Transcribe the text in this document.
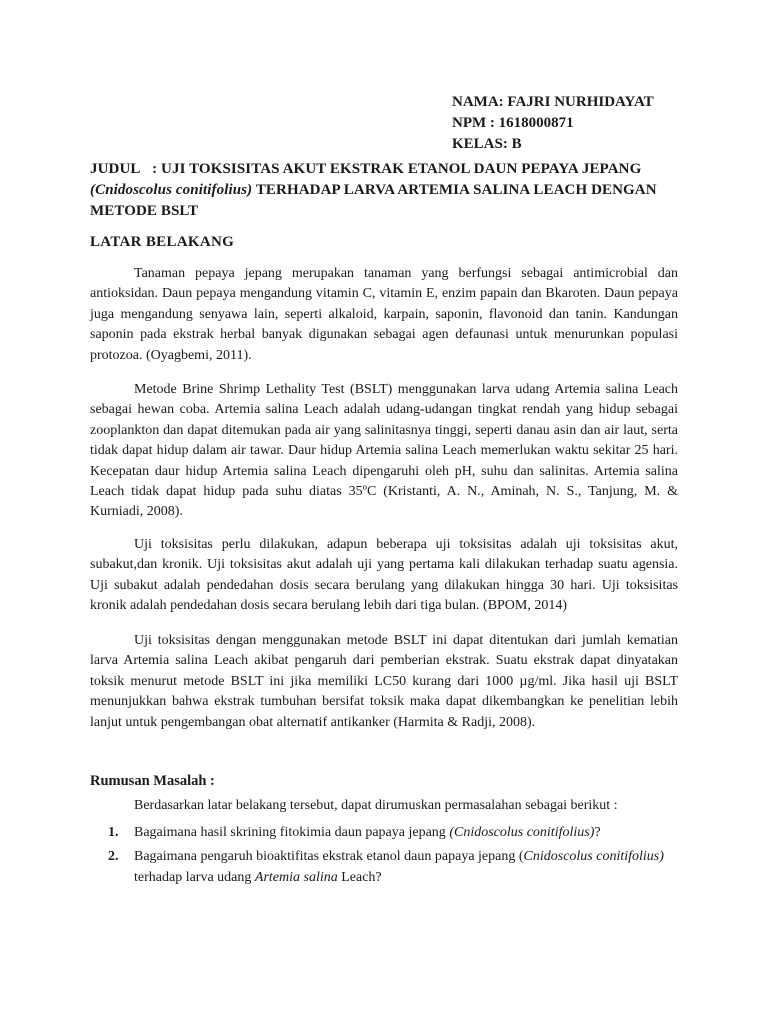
NAMA: FAJRI NURHIDAYAT
NPM : 1618000871
KELAS: B
JUDUL : UJI TOKSISITAS AKUT EKSTRAK ETANOL DAUN PEPAYA JEPANG (Cnidoscolus conitifolius) TERHADAP LARVA ARTEMIA SALINA LEACH DENGAN METODE BSLT
LATAR BELAKANG

Tanaman pepaya jepang merupakan tanaman yang berfungsi sebagai antimicrobial dan antioksidan. Daun pepaya mengandung vitamin C, vitamin E, enzim papain dan Bkaroten. Daun pepaya juga mengandung senyawa lain, seperti alkaloid, karpain, saponin, flavonoid dan tanin. Kandungan saponin pada ekstrak herbal banyak digunakan sebagai agen defaunasi untuk menurunkan populasi protozoa. (Oyagbemi, 2011).

Metode Brine Shrimp Lethality Test (BSLT) menggunakan larva udang Artemia salina Leach sebagai hewan coba. Artemia salina Leach adalah udang-udangan tingkat rendah yang hidup sebagai zooplankton dan dapat ditemukan pada air yang salinitasnya tinggi, seperti danau asin dan air laut, serta tidak dapat hidup dalam air tawar. Daur hidup Artemia salina Leach memerlukan waktu sekitar 25 hari. Kecepatan daur hidup Artemia salina Leach dipengaruhi oleh pH, suhu dan salinitas. Artemia salina Leach tidak dapat hidup pada suhu diatas 35ºC (Kristanti, A. N., Aminah, N. S., Tanjung, M. & Kurniadi, 2008).

Uji toksisitas perlu dilakukan, adapun beberapa uji toksisitas adalah uji toksisitas akut, subakut,dan kronik. Uji toksisitas akut adalah uji yang pertama kali dilakukan terhadap suatu agensia. Uji subakut adalah pendedahan dosis secara berulang yang dilakukan hingga 30 hari. Uji toksisitas kronik adalah pendedahan dosis secara berulang lebih dari tiga bulan. (BPOM, 2014)

Uji toksisitas dengan menggunakan metode BSLT ini dapat ditentukan dari jumlah kematian larva Artemia salina Leach akibat pengaruh dari pemberian ekstrak. Suatu ekstrak dapat dinyatakan toksik menurut metode BSLT ini jika memiliki LC50 kurang dari 1000 µg/ml. Jika hasil uji BSLT menunjukkan bahwa ekstrak tumbuhan bersifat toksik maka dapat dikembangkan ke penelitian lebih lanjut untuk pengembangan obat alternatif antikanker (Harmita & Radji, 2008).

Rumusan Masalah :
Berdasarkan latar belakang tersebut, dapat dirumuskan permasalahan sebagai berikut :
1. Bagaimana hasil skrining fitokimia daun papaya jepang (Cnidoscolus conitifolius)?
2. Bagaimana pengaruh bioaktifitas ekstrak etanol daun papaya jepang (Cnidoscolus conitifolius) terhadap larva udang Artemia salina Leach?
